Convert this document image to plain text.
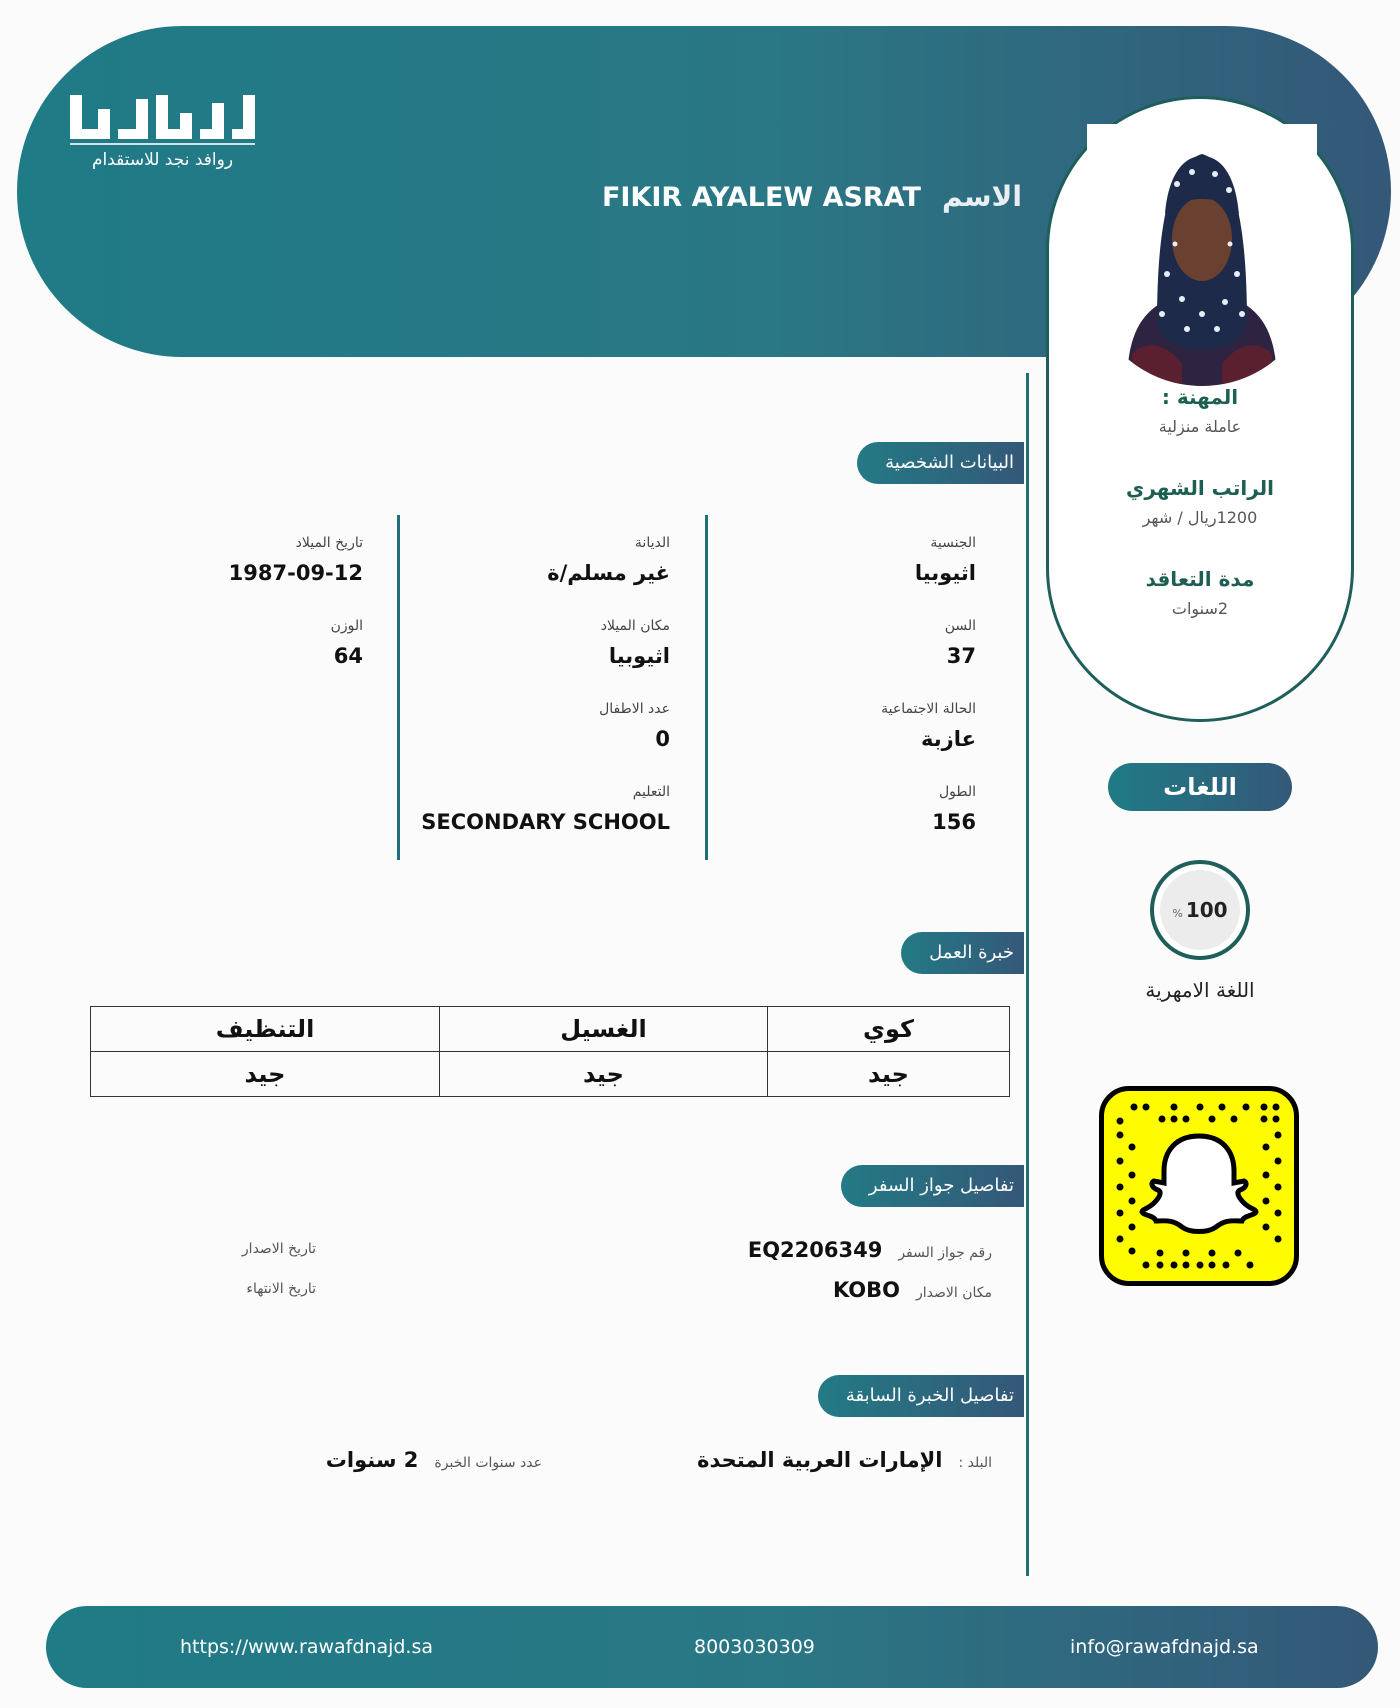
روافد نجد للاستقدام
الاسم FIKIR AYALEW ASRAT
المهنة :
عاملة منزلية
الراتب الشهري
1200ريال / شهر
مدة التعاقد
2سنوات
اللغات
% 100
اللغة الامهرية
البيانات الشخصية
الجنسية
اثيوبيا
السن
37
الحالة الاجتماعية
عازبة
الطول
156
الديانة
غير مسلم/ة
مكان الميلاد
اثيوبيا
عدد الاطفال
0
التعليم
SECONDARY SCHOOL
تاريخ الميلاد
1987-09-12
الوزن
64
خبرة العمل
كوي	الغسيل	التنظيف
جيد	جيد	جيد
تفاصيل جواز السفر
رقم جواز السفرEQ2206349
مكان الاصدارKOBO
تاريخ الاصدار
تاريخ الانتهاء
تفاصيل الخبرة السابقة
البلد :الإمارات العربية المتحدة
عدد سنوات الخبرة2 سنوات
https://www.rawafdnajd.sa	8003030309	info@rawafdnajd.sa
